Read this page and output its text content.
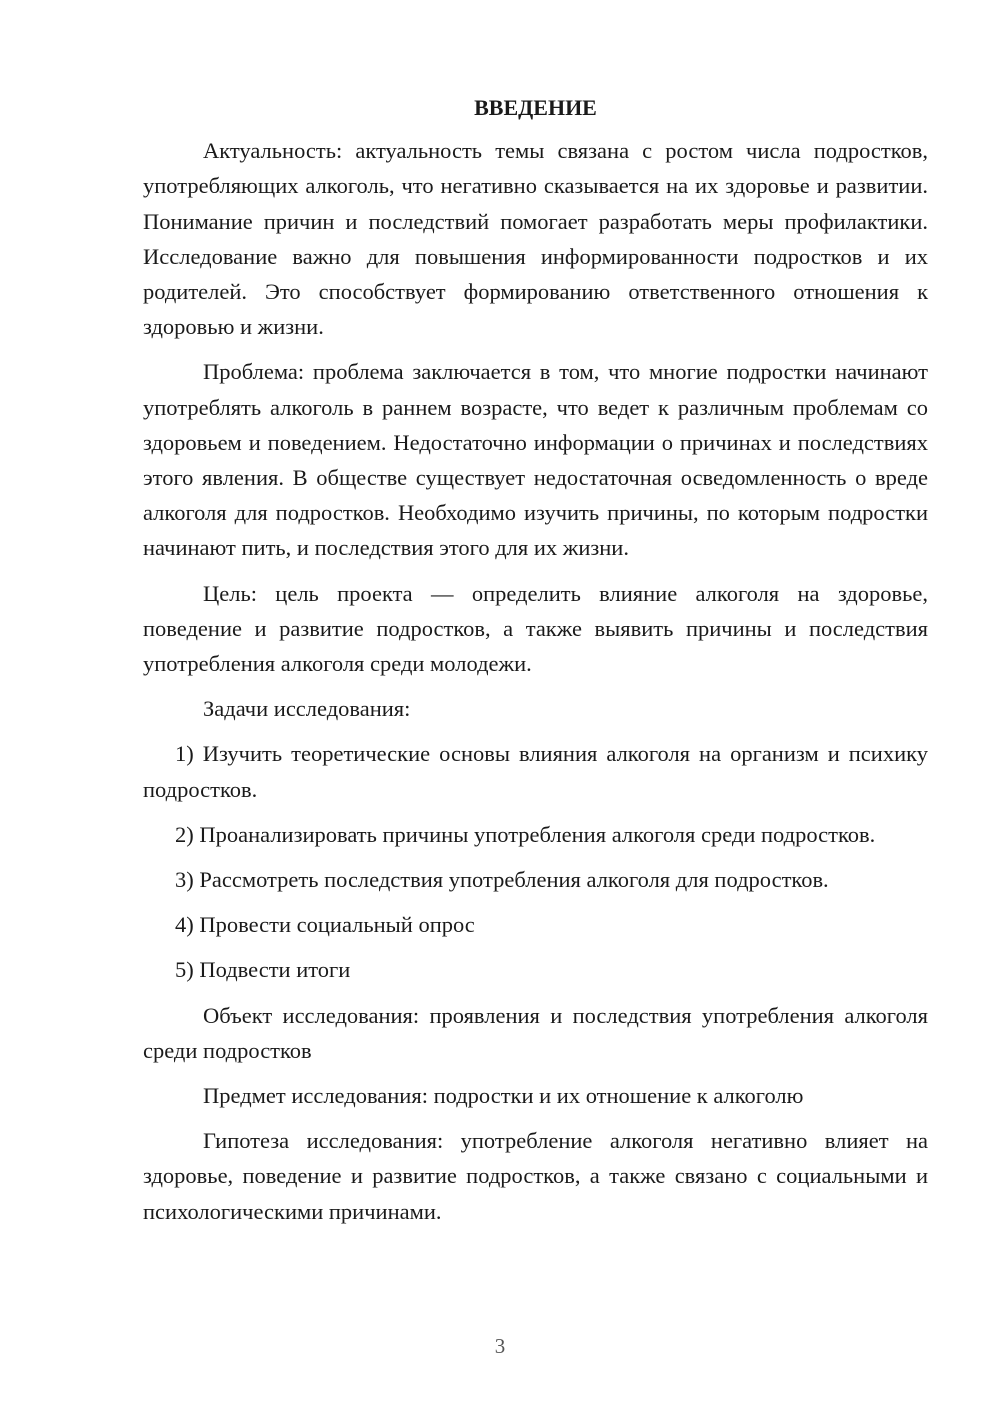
ВВЕДЕНИЕ

Актуальность: актуальность темы связана с ростом числа подростков, употребляющих алкоголь, что негативно сказывается на их здоровье и развитии. Понимание причин и последствий помогает разработать меры профилактики. Исследование важно для повышения информированности подростков и их родителей. Это способствует формированию ответственного отношения к здоровью и жизни.

Проблема: проблема заключается в том, что многие подростки начинают употреблять алкоголь в раннем возрасте, что ведет к различным проблемам со здоровьем и поведением. Недостаточно информации о причинах и последствиях этого явления. В обществе существует недостаточная осведомленность о вреде алкоголя для подростков. Необходимо изучить причины, по которым подростки начинают пить, и последствия этого для их жизни.

Цель: цель проекта — определить влияние алкоголя на здоровье, поведение и развитие подростков, а также выявить причины и последствия употребления алкоголя среди молодежи.

Задачи исследования:

1) Изучить теоретические основы влияния алкоголя на организм и психику подростков.

2) Проанализировать причины употребления алкоголя среди подростков.

3) Рассмотреть последствия употребления алкоголя для подростков.

4) Провести социальный опрос

5) Подвести итоги

Объект исследования: проявления и последствия употребления алкоголя среди подростков

Предмет исследования: подростки и их отношение к алкоголю

Гипотеза исследования: употребление алкоголя негативно влияет на здоровье, поведение и развитие подростков, а также связано с социальными и психологическими причинами.

3
